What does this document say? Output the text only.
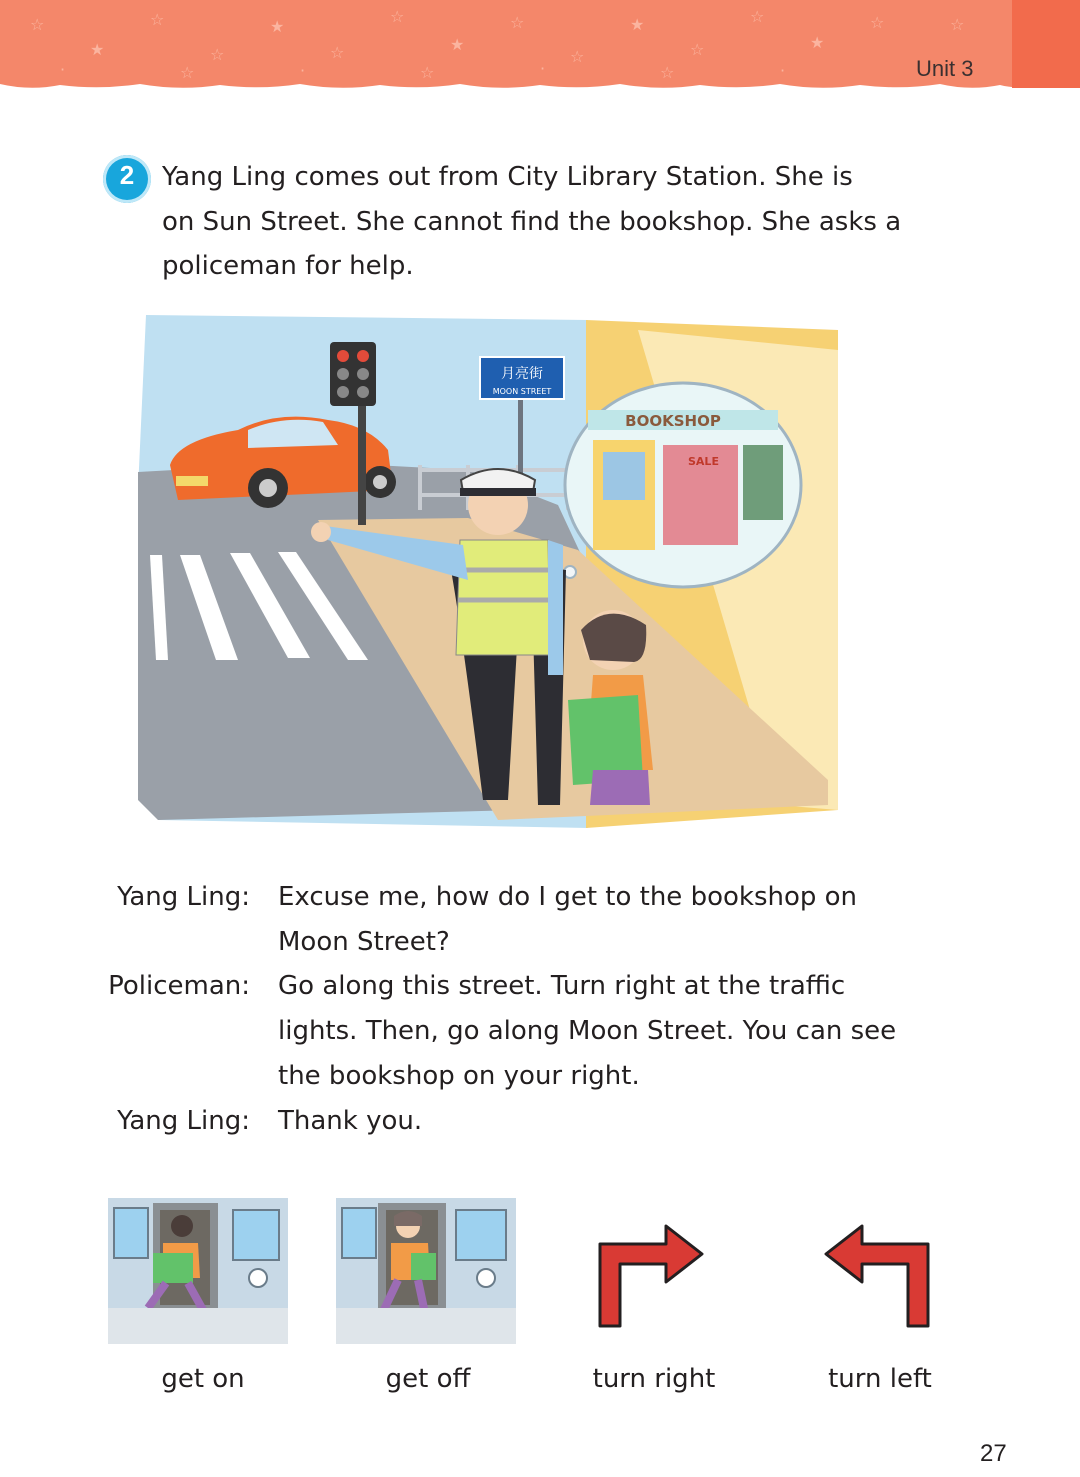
☆
★
☆
☆
★
☆
☆
★
☆
☆
★
☆
☆
★
☆
·	☆	·	☆	·	☆	·
☆
Unit 3
2	Yang Ling comes out from City Library Station. She is
on Sun Street. She cannot find the bookshop. She asks a
policeman for help.
月亮街
MOON STREET
BOOKSHOP
SALE
Yang Ling: Excuse me, how do I get to the bookshop on
Moon Street?
Policeman: Go along this street. Turn right at the traffic
lights. Then, go along Moon Street. You can see
the bookshop on your right.
Yang Ling: Thank you.
get on	get off	turn right	turn left
27
